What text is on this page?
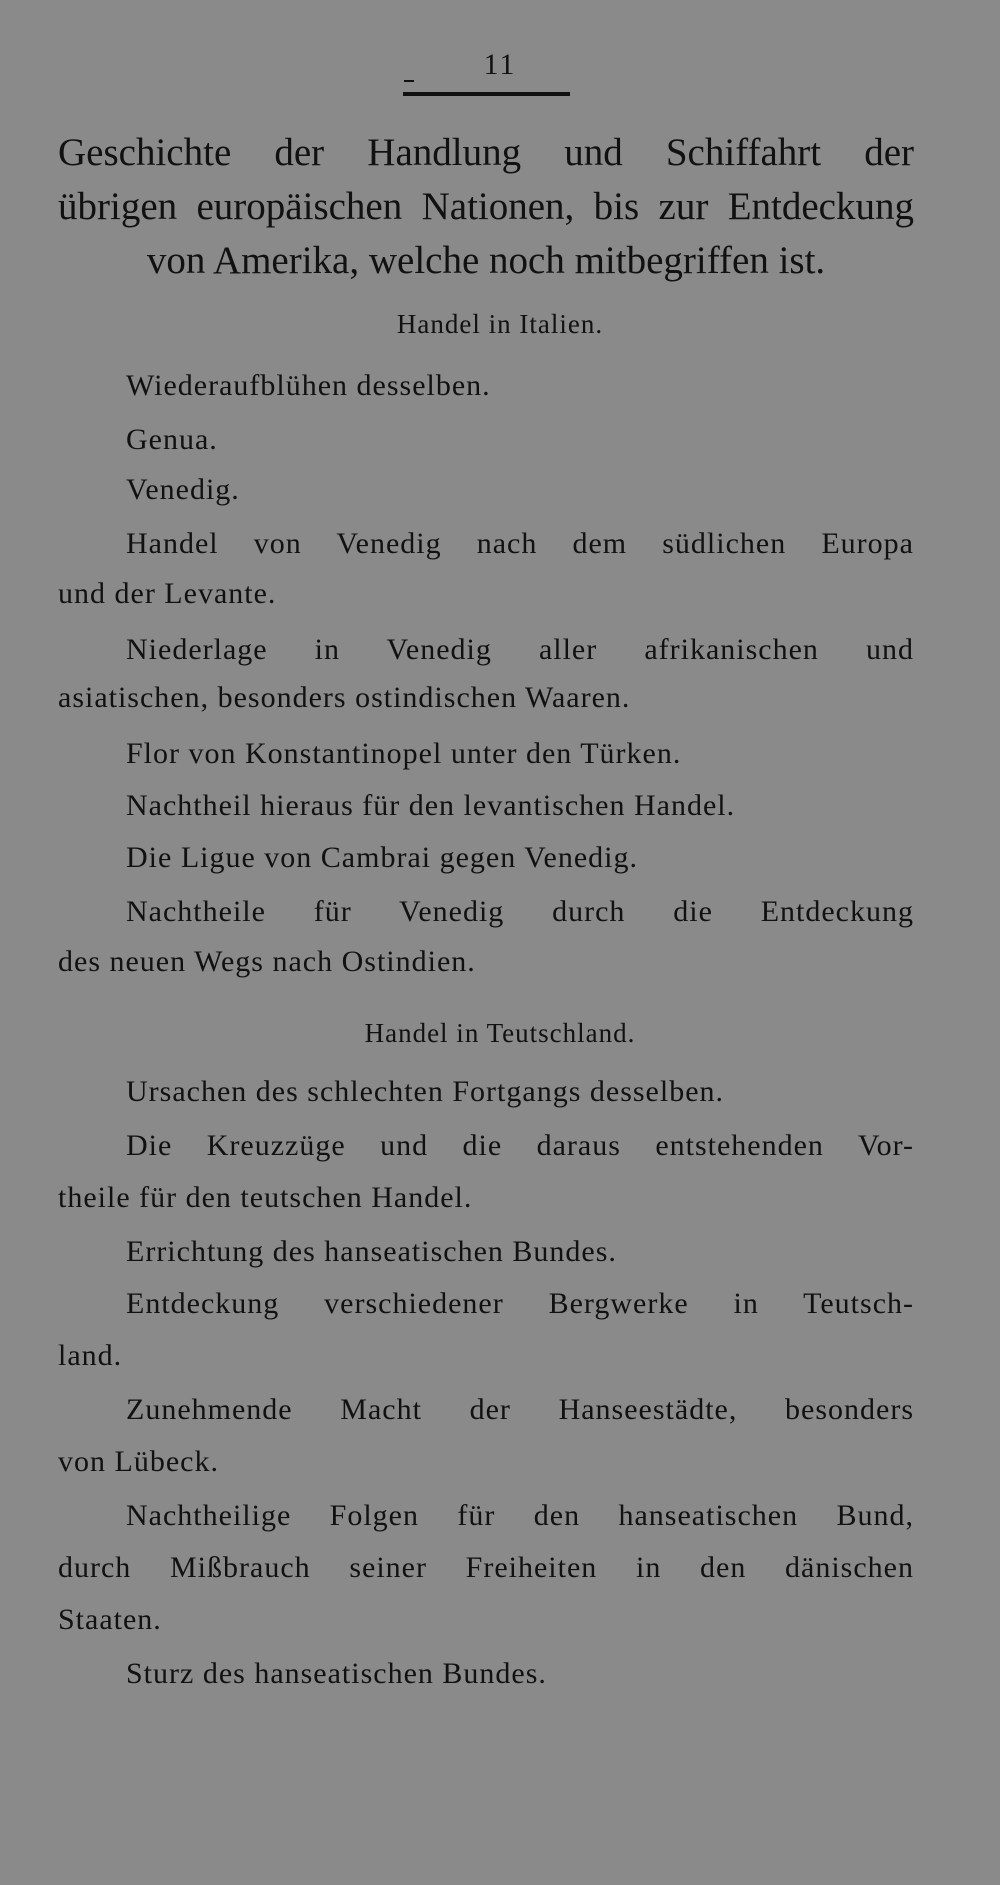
11
Geschichte der Handlung und Schiffahrt der
übrigen europäischen Nationen, bis zur Entdeckung
von Amerika, welche noch mitbegriffen ist.
Handel in Italien.
Wiederaufblühen desselben.
Genua.
Venedig.
Handel von Venedig nach dem südlichen Europa
und der Levante.
Niederlage in Venedig aller afrikanischen und
asiatischen, besonders ostindischen Waaren.
Flor von Konstantinopel unter den Türken.
Nachtheil hieraus für den levantischen Handel.
Die Ligue von Cambrai gegen Venedig.
Nachtheile für Venedig durch die Entdeckung
des neuen Wegs nach Ostindien.
Handel in Teutschland.
Ursachen des schlechten Fortgangs desselben.
Die Kreuzzüge und die daraus entstehenden Vor-
theile für den teutschen Handel.
Errichtung des hanseatischen Bundes.
Entdeckung verschiedener Bergwerke in Teutsch-
land.
Zunehmende Macht der Hanseestädte, besonders
von Lübeck.
Nachtheilige Folgen für den hanseatischen Bund,
durch Mißbrauch seiner Freiheiten in den dänischen
Staaten.
Sturz des hanseatischen Bundes.
